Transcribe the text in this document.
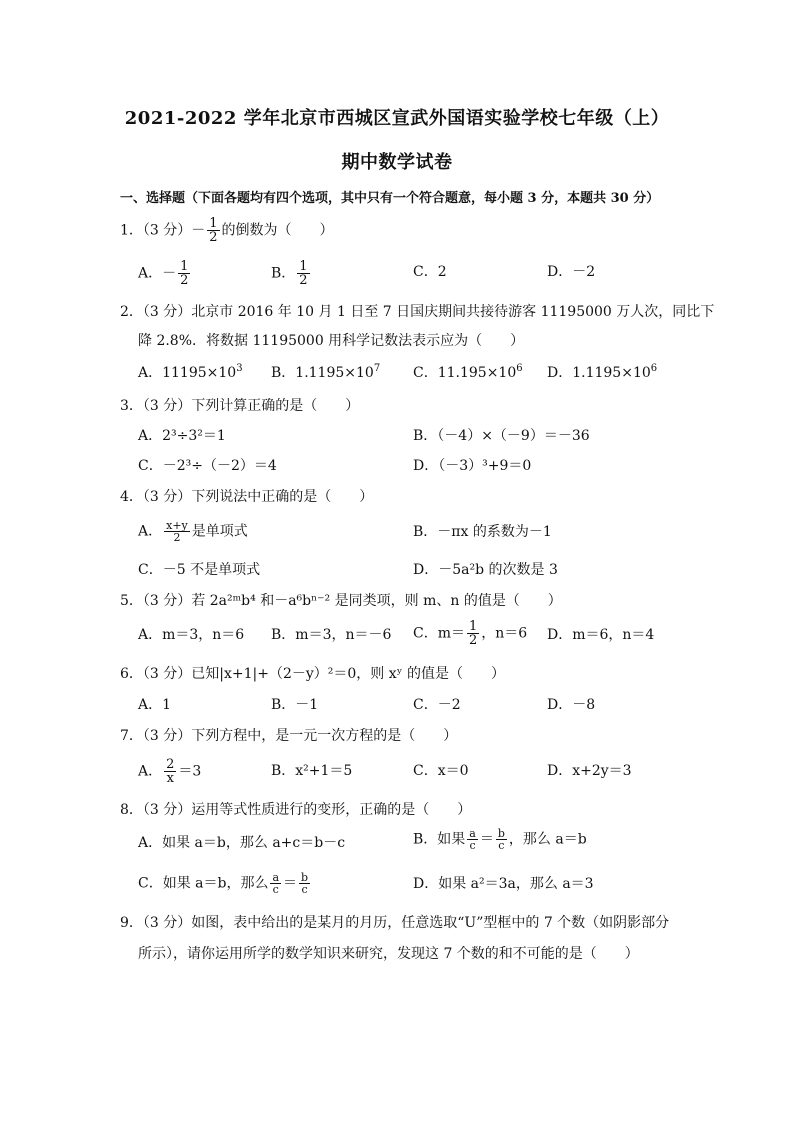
2021-2022 学年北京市西城区宣武外国语实验学校七年级（上）
期中数学试卷
一、选择题（下面各题均有四个选项，其中只有一个符合题意，每小题 3 分，本题共 30 分）
1．（3 分）－ $\frac{1}{2}$ 的倒数为（　　）
A．－ $\frac{1}{2}$	B． $\frac{1}{2}$	C．2	D．－2
2．（3 分）北京市 2016 年 10 月 1 日至 7 日国庆期间共接待游客 11195000 万人次，同比下
降 2.8%．将数据 11195000 用科学记数法表示应为（　　）
A．$11195\times 10^3$ B．$1.1195\times 10^7$ C．$11.195\times 10^6$ D．$1.1195\times 10^6$
3．（3 分）下列计算正确的是（　　）
A．2³÷3²＝1	B．（－4）×（－9）＝－36
C．－2³÷（－2）＝4	D．（－3）³+9＝0
4．（3 分）下列说法中正确的是（　　）
A． $\frac{x+y}{2}$ 是单项式	B．－πx 的系数为－1
C．－5 不是单项式	D．－5a²b 的次数是 3
5．（3 分）若 2a²ᵐb⁴ 和－a⁶bⁿ⁻² 是同类项，则 m、n 的值是（　　）
A．m＝3，n＝6 B．m＝3，n＝－6 C．$m= \frac{1}{2}$ ，n＝6 D．m＝6，n＝4
6．（3 分）已知|x+1|+（2－y）²＝0，则 xʸ 的值是（　　）
A．1	B．－1	C．－2	D．－8
7．（3 分）下列方程中，是一元一次方程的是（　　）
A． $\frac{2}{x} =3$	B．x²+1＝5	C．x＝0	D．x+2y＝3
8．（3 分）运用等式性质进行的变形，正确的是（　　）
A．如果 a＝b，那么 a+c＝b－c	B．如果 $\frac{a}{c} = \frac{b}{c}$ ，那么 a＝b
C．如果 a＝b，那么 $\frac{a}{c} = \frac{b}{c}$	D．如果 a²＝3a，那么 a＝3
9．（3 分）如图，表中给出的是某月的月历，任意选取“U”型框中的 7 个数（如阴影部分
所示），请你运用所学的数学知识来研究，发现这 7 个数的和不可能的是（　　）
